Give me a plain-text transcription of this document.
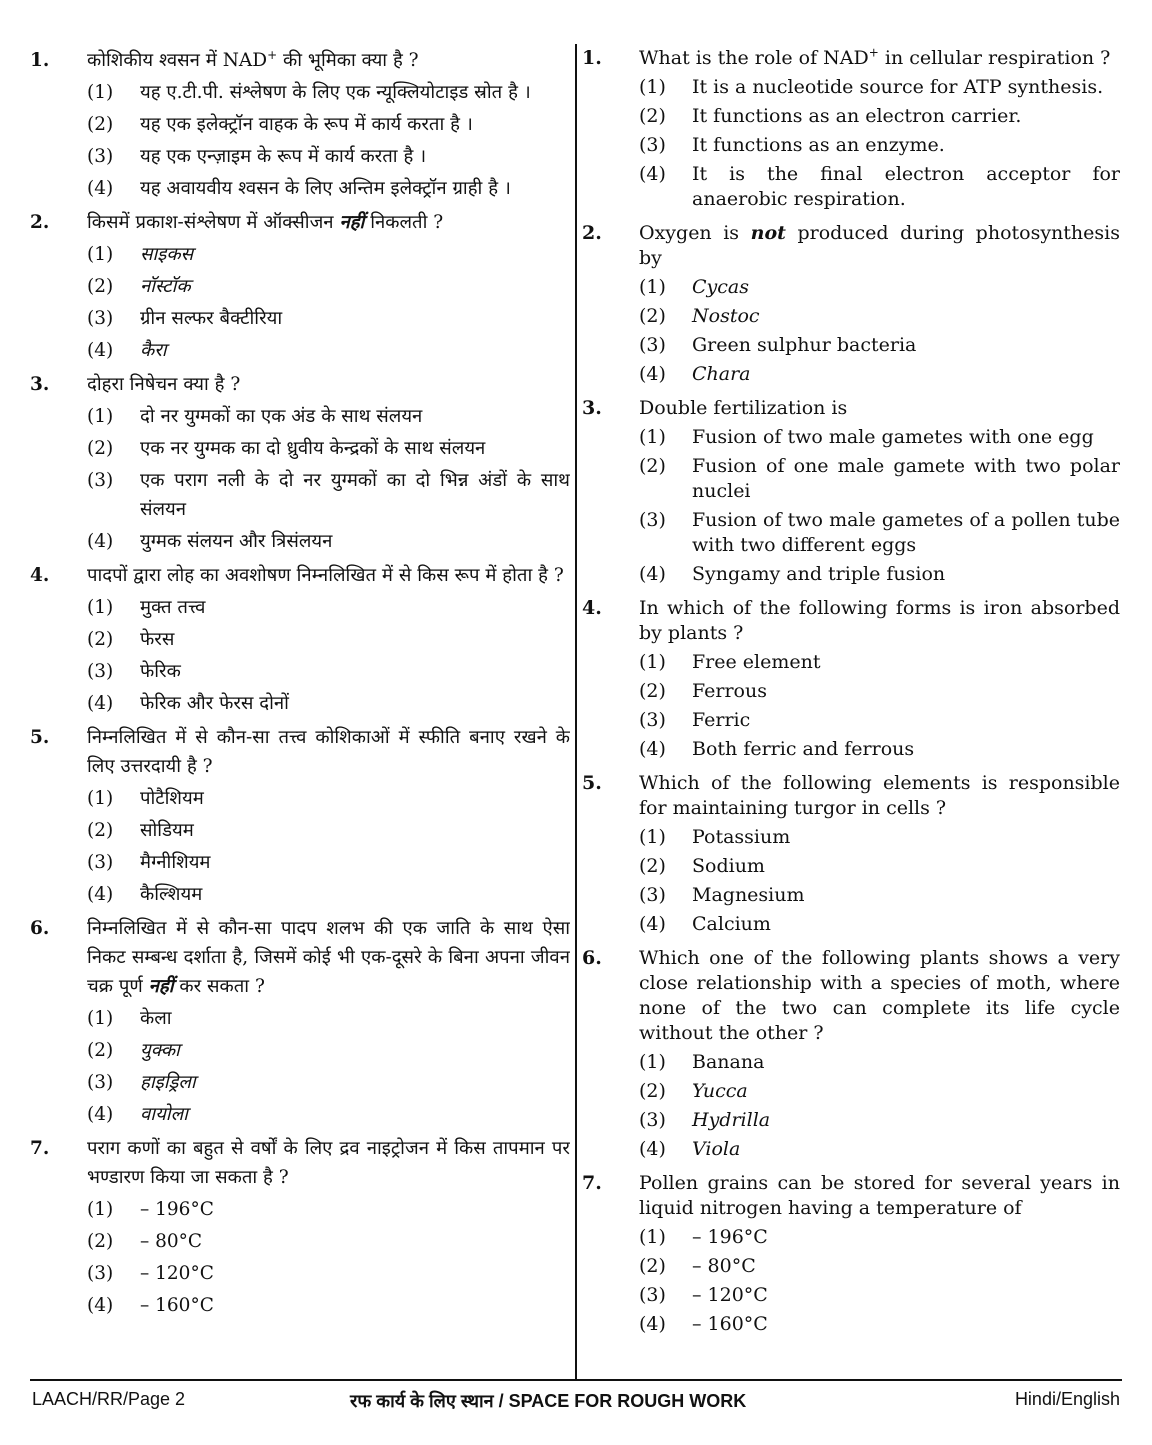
1.	कोशिकीय श्वसन में NAD+ की भूमिका क्या है ?
(1)	यह ए.टी.पी. संश्लेषण के लिए एक न्यूक्लियोटाइड स्रोत है ।
(2)	यह एक इलेक्ट्रॉन वाहक के रूप में कार्य करता है ।
(3)	यह एक एन्ज़ाइम के रूप में कार्य करता है ।
(4)	यह अवायवीय श्वसन के लिए अन्तिम इलेक्ट्रॉन ग्राही है ।
2.	किसमें प्रकाश-संश्लेषण में ऑक्सीजन नहीं निकलती ?
(1)	साइकस
(2)	नॉस्टॉक
(3)	ग्रीन सल्फर बैक्टीरिया
(4)	कैरा
3.	दोहरा निषेचन क्या है ?
(1)	दो नर युग्मकों का एक अंड के साथ संलयन
(2)	एक नर युग्मक का दो ध्रुवीय केन्द्रकों के साथ संलयन
(3)	एक पराग नली के दो नर युग्मकों का दो भिन्न अंडों के साथ संलयन
(4)	युग्मक संलयन और त्रिसंलयन
4.	पादपों द्वारा लोह का अवशोषण निम्नलिखित में से किस रूप में होता है ?
(1)	मुक्त तत्त्व
(2)	फेरस
(3)	फेरिक
(4)	फेरिक और फेरस दोनों
5.	निम्नलिखित में से कौन-सा तत्त्व कोशिकाओं में स्फीति बनाए रखने के लिए उत्तरदायी है ?
(1)	पोटैशियम
(2)	सोडियम
(3)	मैग्नीशियम
(4)	कैल्शियम
6.	निम्नलिखित में से कौन-सा पादप शलभ की एक जाति के साथ ऐसा निकट सम्बन्ध दर्शाता है, जिसमें कोई भी एक-दूसरे के बिना अपना जीवन चक्र पूर्ण नहीं कर सकता ?
(1)	केला
(2)	युक्का
(3)	हाइड्रिला
(4)	वायोला
7.	पराग कणों का बहुत से वर्षों के लिए द्रव नाइट्रोजन में किस तापमान पर भण्डारण किया जा सकता है ?
(1)	– 196°C
(2)	– 80°C
(3)	– 120°C
(4)	– 160°C
1.	What is the role of NAD+ in cellular respiration ?
(1)	It is a nucleotide source for ATP synthesis.
(2)	It functions as an electron carrier.
(3)	It functions as an enzyme.
(4)	It is the final electron acceptor for anaerobic respiration.
2.	Oxygen is not produced during photosynthesis by
(1)	Cycas
(2)	Nostoc
(3)	Green sulphur bacteria
(4)	Chara
3.	Double fertilization is
(1)	Fusion of two male gametes with one egg
(2)	Fusion of one male gamete with two polar nuclei
(3)	Fusion of two male gametes of a pollen tube with two different eggs
(4)	Syngamy and triple fusion
4.	In which of the following forms is iron absorbed by plants ?
(1)	Free element
(2)	Ferrous
(3)	Ferric
(4)	Both ferric and ferrous
5.	Which of the following elements is responsible for maintaining turgor in cells ?
(1)	Potassium
(2)	Sodium
(3)	Magnesium
(4)	Calcium
6.	Which one of the following plants shows a very close relationship with a species of moth, where none of the two can complete its life cycle without the other ?
(1)	Banana
(2)	Yucca
(3)	Hydrilla
(4)	Viola
7.	Pollen grains can be stored for several years in liquid nitrogen having a temperature of
(1)	– 196°C
(2)	– 80°C
(3)	– 120°C
(4)	– 160°C
LAACH/RR/Page 2	रफ कार्य के लिए स्थान / SPACE FOR ROUGH WORK	Hindi/English
